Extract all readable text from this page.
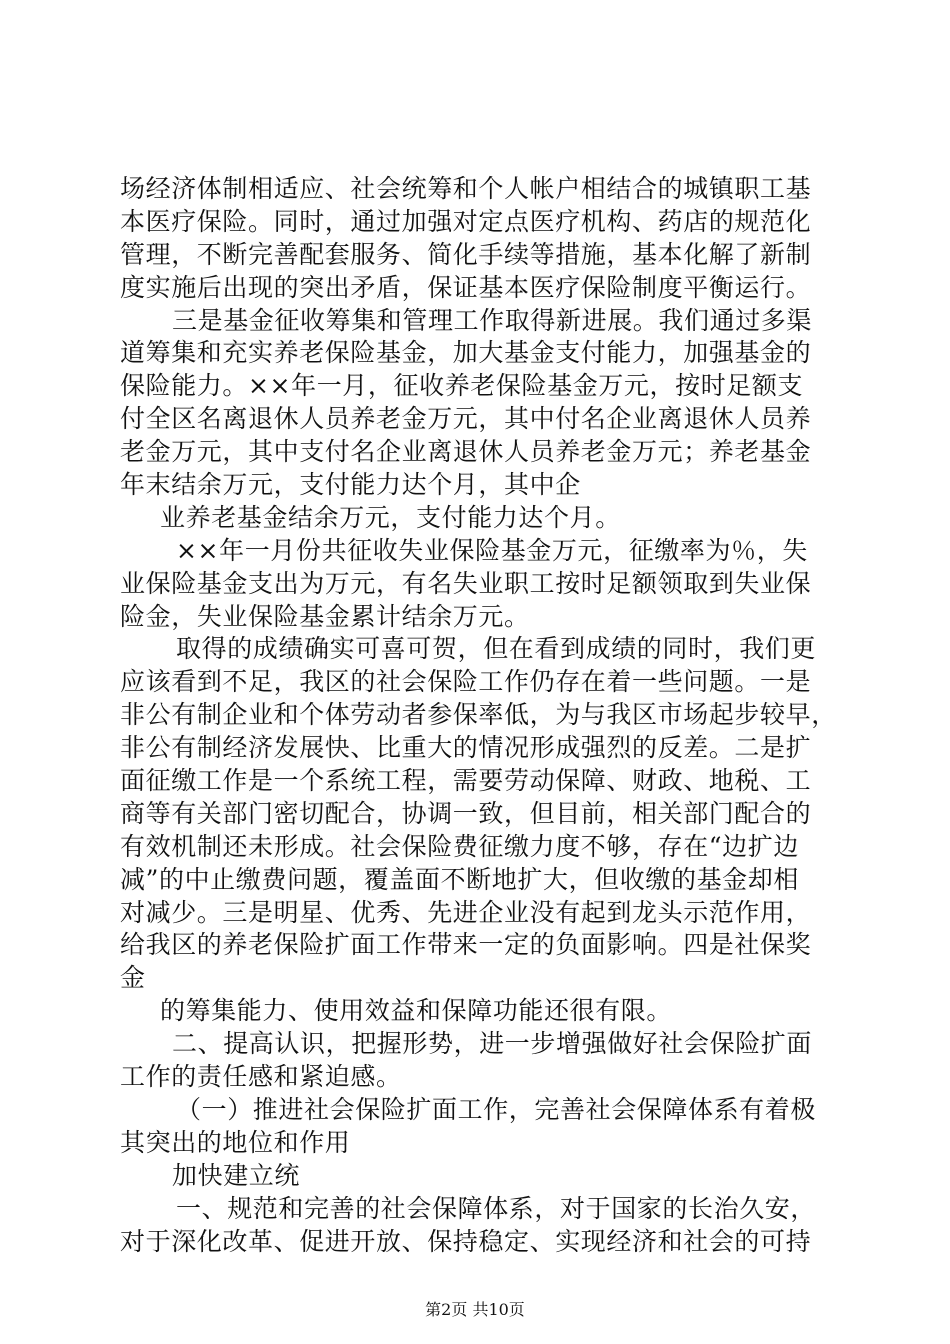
场经济体制相适应、社会统筹和个人帐户相结合的城镇职工基
本医疗保险。同时，通过加强对定点医疗机构、药店的规范化
管理，不断完善配套服务、简化手续等措施，基本化解了新制
度实施后出现的突出矛盾，保证基本医疗保险制度平衡运行。
三是基金征收筹集和管理工作取得新进展。我们通过多渠
道筹集和充实养老保险基金，加大基金支付能力，加强基金的
保险能力。××年一月，征收养老保险基金万元，按时足额支
付全区名离退休人员养老金万元，其中付名企业离退休人员养
老金万元，其中支付名企业离退休人员养老金万元；养老基金
年末结余万元，支付能力达个月，其中企
业养老基金结余万元，支付能力达个月。
××年一月份共征收失业保险基金万元，征缴率为％，失
业保险基金支出为万元，有名失业职工按时足额领取到失业保
险金，失业保险基金累计结余万元。
取得的成绩确实可喜可贺，但在看到成绩的同时，我们更
应该看到不足，我区的社会保险工作仍存在着一些问题。一是
非公有制企业和个体劳动者参保率低，为与我区市场起步较早，
非公有制经济发展快、比重大的情况形成强烈的反差。二是扩
面征缴工作是一个系统工程，需要劳动保障、财政、地税、工
商等有关部门密切配合，协调一致，但目前，相关部门配合的
有效机制还未形成。社会保险费征缴力度不够，存在“边扩边
减”的中止缴费问题，覆盖面不断地扩大，但收缴的基金却相
对减少。三是明星、优秀、先进企业没有起到龙头示范作用，
给我区的养老保险扩面工作带来一定的负面影响。四是社保奖
金
的筹集能力、使用效益和保障功能还很有限。
二、提高认识，把握形势，进一步增强做好社会保险扩面
工作的责任感和紧迫感。
（一）推进社会保险扩面工作，完善社会保障体系有着极
其突出的地位和作用
加快建立统
一、规范和完善的社会保障体系，对于国家的长治久安，
对于深化改革、促进开放、保持稳定、实现经济和社会的可持
第2页 共10页
